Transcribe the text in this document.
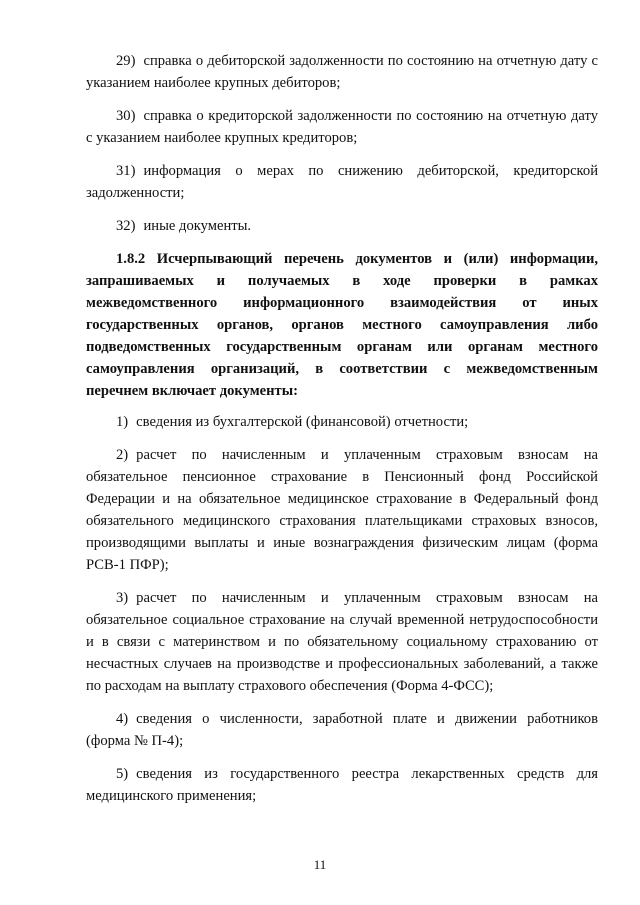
29) справка о дебиторской задолженности по состоянию на отчетную дату с указанием наиболее крупных дебиторов;

30) справка о кредиторской задолженности по состоянию на отчетную дату с указанием наиболее крупных кредиторов;

31) информация о мерах по снижению дебиторской, кредиторской задолженности;

32) иные документы.

1.8.2 Исчерпывающий перечень документов и (или) информации, запрашиваемых и получаемых в ходе проверки в рамках межведомственного информационного взаимодействия от иных государственных органов, органов местного самоуправления либо подведомственных государственным органам или органам местного самоуправления организаций, в соответствии с межведомственным перечнем включает документы:

1) сведения из бухгалтерской (финансовой) отчетности;

2) расчет по начисленным и уплаченным страховым взносам на обязательное пенсионное страхование в Пенсионный фонд Российской Федерации и на обязательное медицинское страхование в Федеральный фонд обязательного медицинского страхования плательщиками страховых взносов, производящими выплаты и иные вознаграждения физическим лицам (форма РСВ-1 ПФР);

3) расчет по начисленным и уплаченным страховым взносам на обязательное социальное страхование на случай временной нетрудоспособности и в связи с материнством и по обязательному социальному страхованию от несчастных случаев на производстве и профессиональных заболеваний, а также по расходам на выплату страхового обеспечения (Форма 4-ФСС);

4) сведения о численности, заработной плате и движении работников (форма № П-4);

5) сведения из государственного реестра лекарственных средств для медицинского применения;

11
